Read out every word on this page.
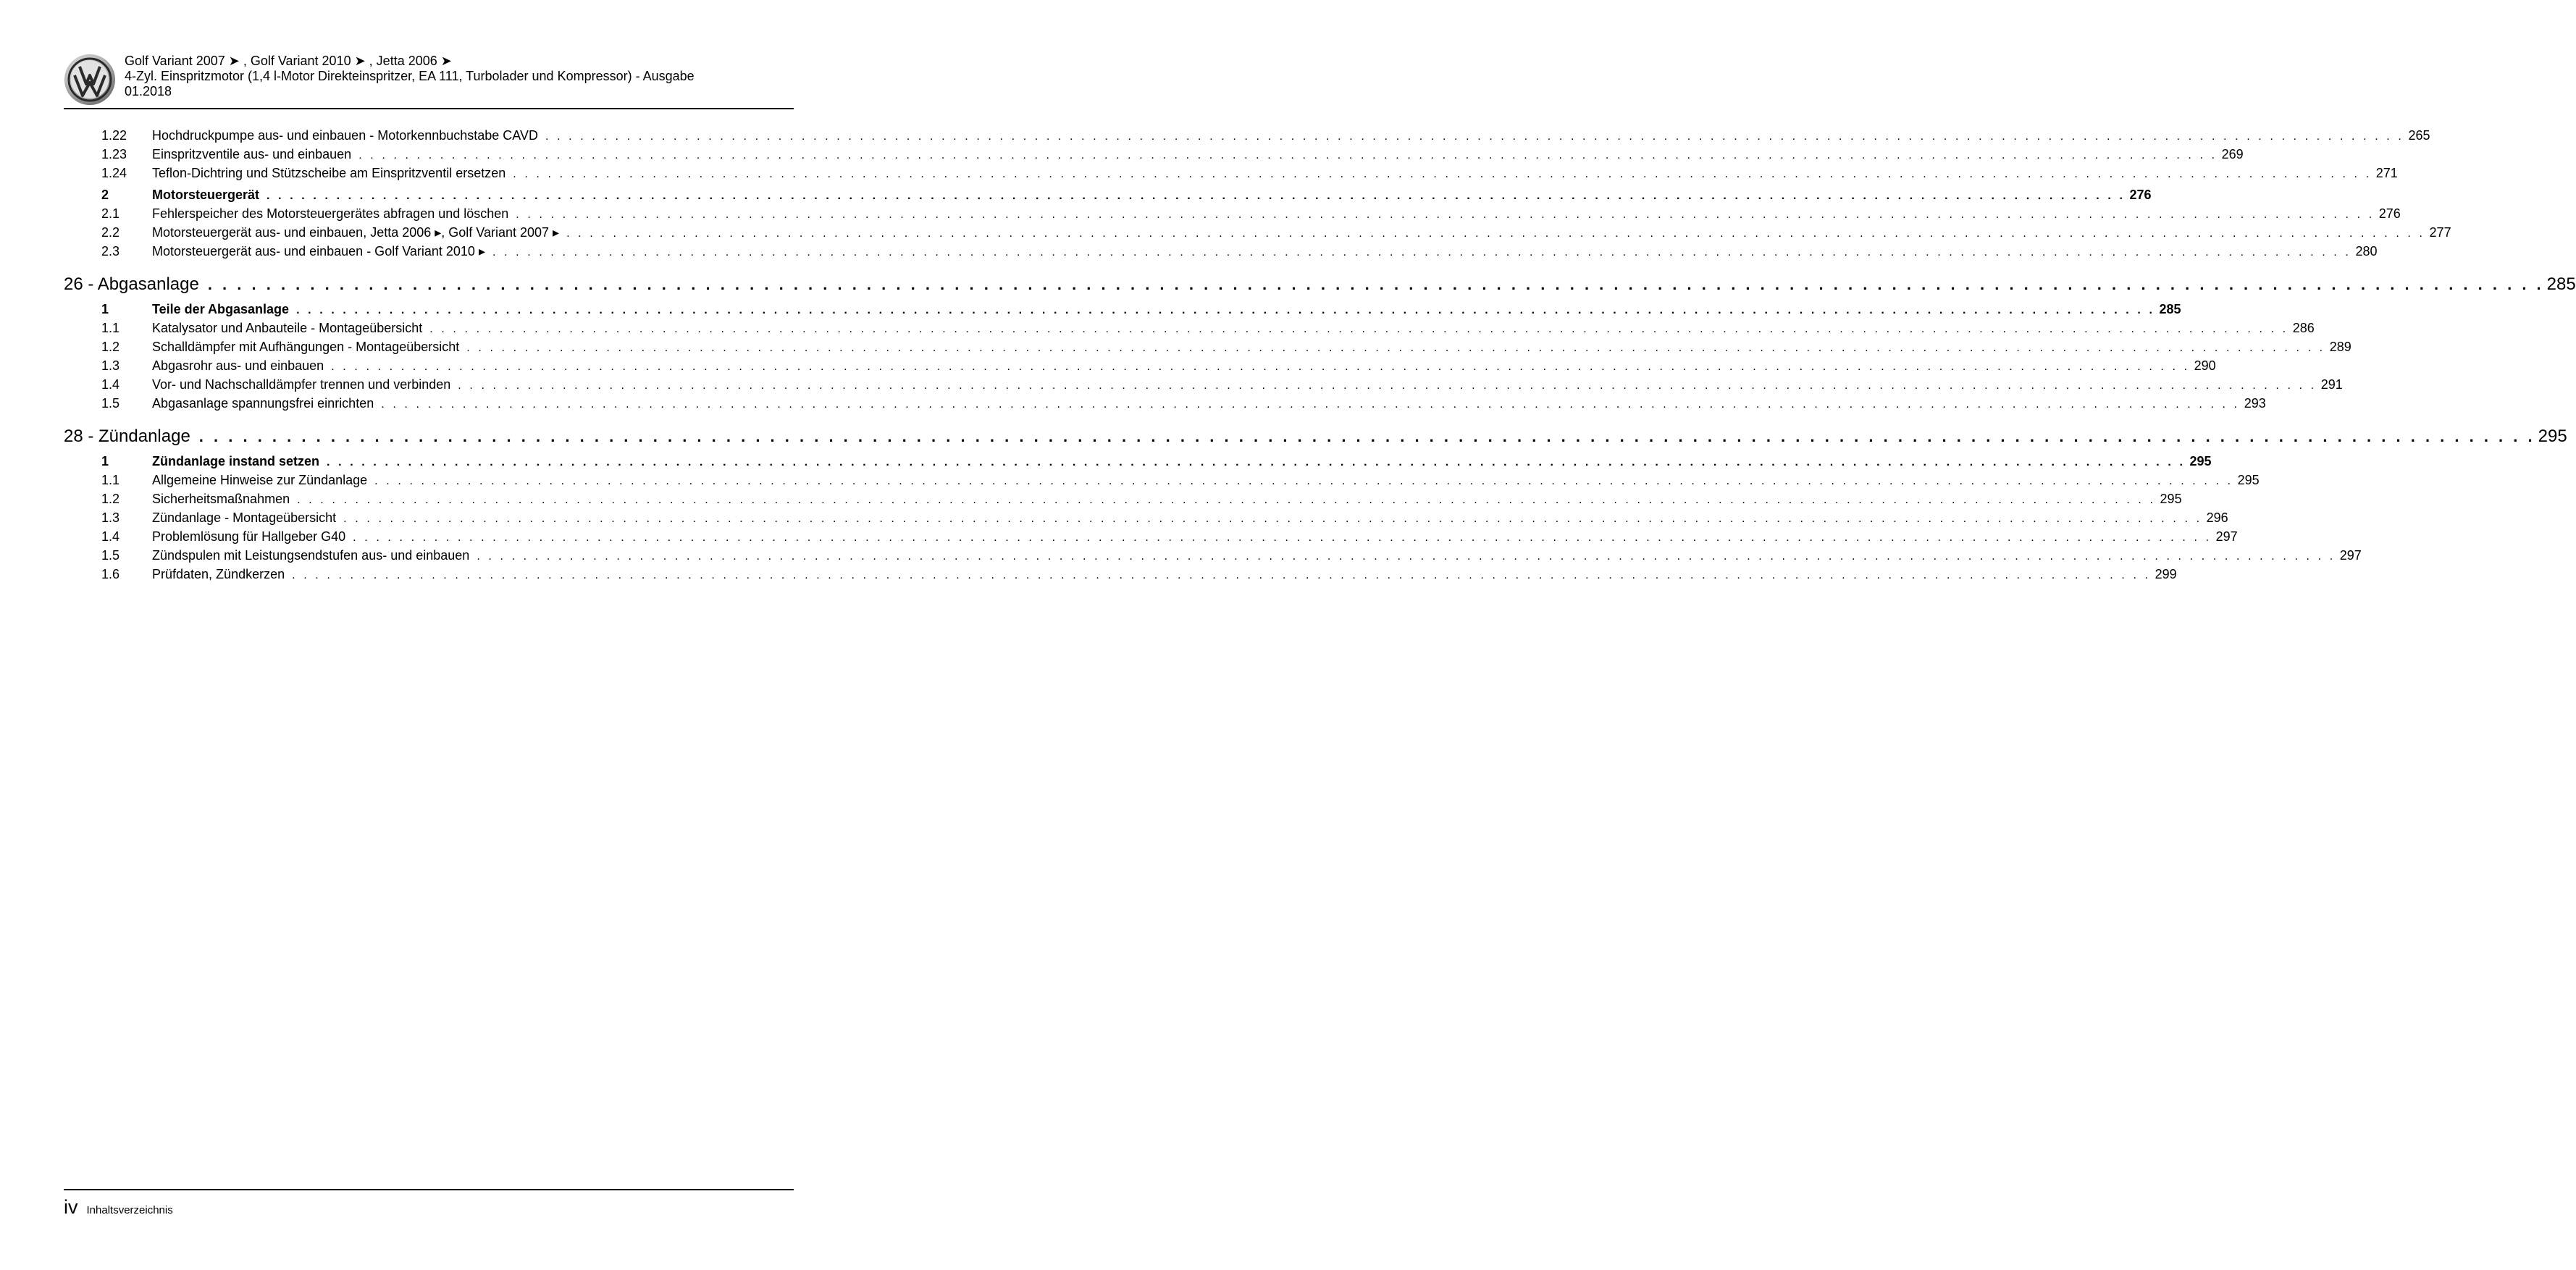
Golf Variant 2007 ➤ , Golf Variant 2010 ➤ , Jetta 2006 ➤
4-Zyl. Einspritzmotor (1,4 l-Motor Direkteinspritzer, EA 111, Turbolader und Kompressor) - Ausgabe
01.2018
1.22	Hochdruckpumpe aus- und einbauen - Motorkennbuchstabe CAVD . . . . . . . . . . . . . . . . . . . . . . . . . . . . . . . . . . . . . . . . . . . . . . . . . . . . . . . . . . . . . . . . . . . . . . . . . . . . . . . . . . . . . . . . . . . . . . . . . . . . . . . . . . . . . . . . . . . . . . . . . . . . . . . . . . . . . . . . . . . . . . . . . . . . . . . . . . . . . . . . 265
1.23	Einspritzventile aus- und einbauen . . . . . . . . . . . . . . . . . . . . . . . . . . . . . . . . . . . . . . . . . . . . . . . . . . . . . . . . . . . . . . . . . . . . . . . . . . . . . . . . . . . . . . . . . . . . . . . . . . . . . . . . . . . . . . . . . . . . . . . . . . . . . . . . . . . . . . . . . . . . . . . . . . . . . . . . . . . . . . . . 269
1.24	Teflon-Dichtring und Stützscheibe am Einspritzventil ersetzen . . . . . . . . . . . . . . . . . . . . . . . . . . . . . . . . . . . . . . . . . . . . . . . . . . . . . . . . . . . . . . . . . . . . . . . . . . . . . . . . . . . . . . . . . . . . . . . . . . . . . . . . . . . . . . . . . . . . . . . . . . . . . . . . . . . . . . . . . . . . . . . . . . . . . . . . . . . . . . . . 271
2	Motorsteuergerät . . . . . . . . . . . . . . . . . . . . . . . . . . . . . . . . . . . . . . . . . . . . . . . . . . . . . . . . . . . . . . . . . . . . . . . . . . . . . . . . . . . . . . . . . . . . . . . . . . . . . . . . . . . . . . . . . . . . . . . . . . . . . . . . . . . . . . . . . . . . . . . . . . . . . . . . . . . . . . . . 276
2.1	Fehlerspeicher des Motorsteuergerätes abfragen und löschen . . . . . . . . . . . . . . . . . . . . . . . . . . . . . . . . . . . . . . . . . . . . . . . . . . . . . . . . . . . . . . . . . . . . . . . . . . . . . . . . . . . . . . . . . . . . . . . . . . . . . . . . . . . . . . . . . . . . . . . . . . . . . . . . . . . . . . . . . . . . . . . . . . . . . . . . . . . . . . . . 276
2.2	Motorsteuergerät aus- und einbauen, Jetta 2006 ▸, Golf Variant 2007 ▸ . . . . . . . . . . . . . . . . . . . . . . . . . . . . . . . . . . . . . . . . . . . . . . . . . . . . . . . . . . . . . . . . . . . . . . . . . . . . . . . . . . . . . . . . . . . . . . . . . . . . . . . . . . . . . . . . . . . . . . . . . . . . . . . . . . . . . . . . . . . . . . . . . . . . . . . . . . . . . . . . 277
2.3	Motorsteuergerät aus- und einbauen - Golf Variant 2010 ▸ . . . . . . . . . . . . . . . . . . . . . . . . . . . . . . . . . . . . . . . . . . . . . . . . . . . . . . . . . . . . . . . . . . . . . . . . . . . . . . . . . . . . . . . . . . . . . . . . . . . . . . . . . . . . . . . . . . . . . . . . . . . . . . . . . . . . . . . . . . . . . . . . . . . . . . . . . . . . . . . . 280
26 - Abgasanlage . . . . . . . . . . . . . . . . . . . . . . . . . . . . . . . . . . . . . . . . . . . . . . . . . . . . . . . . . . . . . . . . . . . . . . . . . . . . . . . . . . . . . . . . . . . . . . . . . . . . . . . . . . . . . . . . . . . . . . . . . . . . . . . . . . . . . . . . . . . . . . . . . . . . . . . . . . . . . . . . 285
1	Teile der Abgasanlage . . . . . . . . . . . . . . . . . . . . . . . . . . . . . . . . . . . . . . . . . . . . . . . . . . . . . . . . . . . . . . . . . . . . . . . . . . . . . . . . . . . . . . . . . . . . . . . . . . . . . . . . . . . . . . . . . . . . . . . . . . . . . . . . . . . . . . . . . . . . . . . . . . . . . . . . . . . . . . . . 285
1.1	Katalysator und Anbauteile - Montageübersicht . . . . . . . . . . . . . . . . . . . . . . . . . . . . . . . . . . . . . . . . . . . . . . . . . . . . . . . . . . . . . . . . . . . . . . . . . . . . . . . . . . . . . . . . . . . . . . . . . . . . . . . . . . . . . . . . . . . . . . . . . . . . . . . . . . . . . . . . . . . . . . . . . . . . . . . . . . . . . . . . 286
1.2	Schalldämpfer mit Aufhängungen - Montageübersicht . . . . . . . . . . . . . . . . . . . . . . . . . . . . . . . . . . . . . . . . . . . . . . . . . . . . . . . . . . . . . . . . . . . . . . . . . . . . . . . . . . . . . . . . . . . . . . . . . . . . . . . . . . . . . . . . . . . . . . . . . . . . . . . . . . . . . . . . . . . . . . . . . . . . . . . . . . . . . . . . 289
1.3	Abgasrohr aus- und einbauen . . . . . . . . . . . . . . . . . . . . . . . . . . . . . . . . . . . . . . . . . . . . . . . . . . . . . . . . . . . . . . . . . . . . . . . . . . . . . . . . . . . . . . . . . . . . . . . . . . . . . . . . . . . . . . . . . . . . . . . . . . . . . . . . . . . . . . . . . . . . . . . . . . . . . . . . . . . . . . . . 290
1.4	Vor- und Nachschalldämpfer trennen und verbinden . . . . . . . . . . . . . . . . . . . . . . . . . . . . . . . . . . . . . . . . . . . . . . . . . . . . . . . . . . . . . . . . . . . . . . . . . . . . . . . . . . . . . . . . . . . . . . . . . . . . . . . . . . . . . . . . . . . . . . . . . . . . . . . . . . . . . . . . . . . . . . . . . . . . . . . . . . . . . . . . 291
1.5	Abgasanlage spannungsfrei einrichten . . . . . . . . . . . . . . . . . . . . . . . . . . . . . . . . . . . . . . . . . . . . . . . . . . . . . . . . . . . . . . . . . . . . . . . . . . . . . . . . . . . . . . . . . . . . . . . . . . . . . . . . . . . . . . . . . . . . . . . . . . . . . . . . . . . . . . . . . . . . . . . . . . . . . . . . . . . . . . . . 293
28 - Zündanlage . . . . . . . . . . . . . . . . . . . . . . . . . . . . . . . . . . . . . . . . . . . . . . . . . . . . . . . . . . . . . . . . . . . . . . . . . . . . . . . . . . . . . . . . . . . . . . . . . . . . . . . . . . . . . . . . . . . . . . . . . . . . . . . . . . . . . . . . . . . . . . . . . . . . . . . . . . . . . . . . 295
1	Zündanlage instand setzen . . . . . . . . . . . . . . . . . . . . . . . . . . . . . . . . . . . . . . . . . . . . . . . . . . . . . . . . . . . . . . . . . . . . . . . . . . . . . . . . . . . . . . . . . . . . . . . . . . . . . . . . . . . . . . . . . . . . . . . . . . . . . . . . . . . . . . . . . . . . . . . . . . . . . . . . . . . . . . . . 295
1.1	Allgemeine Hinweise zur Zündanlage . . . . . . . . . . . . . . . . . . . . . . . . . . . . . . . . . . . . . . . . . . . . . . . . . . . . . . . . . . . . . . . . . . . . . . . . . . . . . . . . . . . . . . . . . . . . . . . . . . . . . . . . . . . . . . . . . . . . . . . . . . . . . . . . . . . . . . . . . . . . . . . . . . . . . . . . . . . . . . . . 295
1.2	Sicherheitsmaßnahmen . . . . . . . . . . . . . . . . . . . . . . . . . . . . . . . . . . . . . . . . . . . . . . . . . . . . . . . . . . . . . . . . . . . . . . . . . . . . . . . . . . . . . . . . . . . . . . . . . . . . . . . . . . . . . . . . . . . . . . . . . . . . . . . . . . . . . . . . . . . . . . . . . . . . . . . . . . . . . . . . 295
1.3	Zündanlage - Montageübersicht . . . . . . . . . . . . . . . . . . . . . . . . . . . . . . . . . . . . . . . . . . . . . . . . . . . . . . . . . . . . . . . . . . . . . . . . . . . . . . . . . . . . . . . . . . . . . . . . . . . . . . . . . . . . . . . . . . . . . . . . . . . . . . . . . . . . . . . . . . . . . . . . . . . . . . . . . . . . . . . . 296
1.4	Problemlösung für Hallgeber G40 . . . . . . . . . . . . . . . . . . . . . . . . . . . . . . . . . . . . . . . . . . . . . . . . . . . . . . . . . . . . . . . . . . . . . . . . . . . . . . . . . . . . . . . . . . . . . . . . . . . . . . . . . . . . . . . . . . . . . . . . . . . . . . . . . . . . . . . . . . . . . . . . . . . . . . . . . . . . . . . . 297
1.5	Zündspulen mit Leistungsendstufen aus- und einbauen . . . . . . . . . . . . . . . . . . . . . . . . . . . . . . . . . . . . . . . . . . . . . . . . . . . . . . . . . . . . . . . . . . . . . . . . . . . . . . . . . . . . . . . . . . . . . . . . . . . . . . . . . . . . . . . . . . . . . . . . . . . . . . . . . . . . . . . . . . . . . . . . . . . . . . . . . . . . . . . . 297
1.6	Prüfdaten, Zündkerzen . . . . . . . . . . . . . . . . . . . . . . . . . . . . . . . . . . . . . . . . . . . . . . . . . . . . . . . . . . . . . . . . . . . . . . . . . . . . . . . . . . . . . . . . . . . . . . . . . . . . . . . . . . . . . . . . . . . . . . . . . . . . . . . . . . . . . . . . . . . . . . . . . . . . . . . . . . . . . . . . 299
iv Inhaltsverzeichnis
